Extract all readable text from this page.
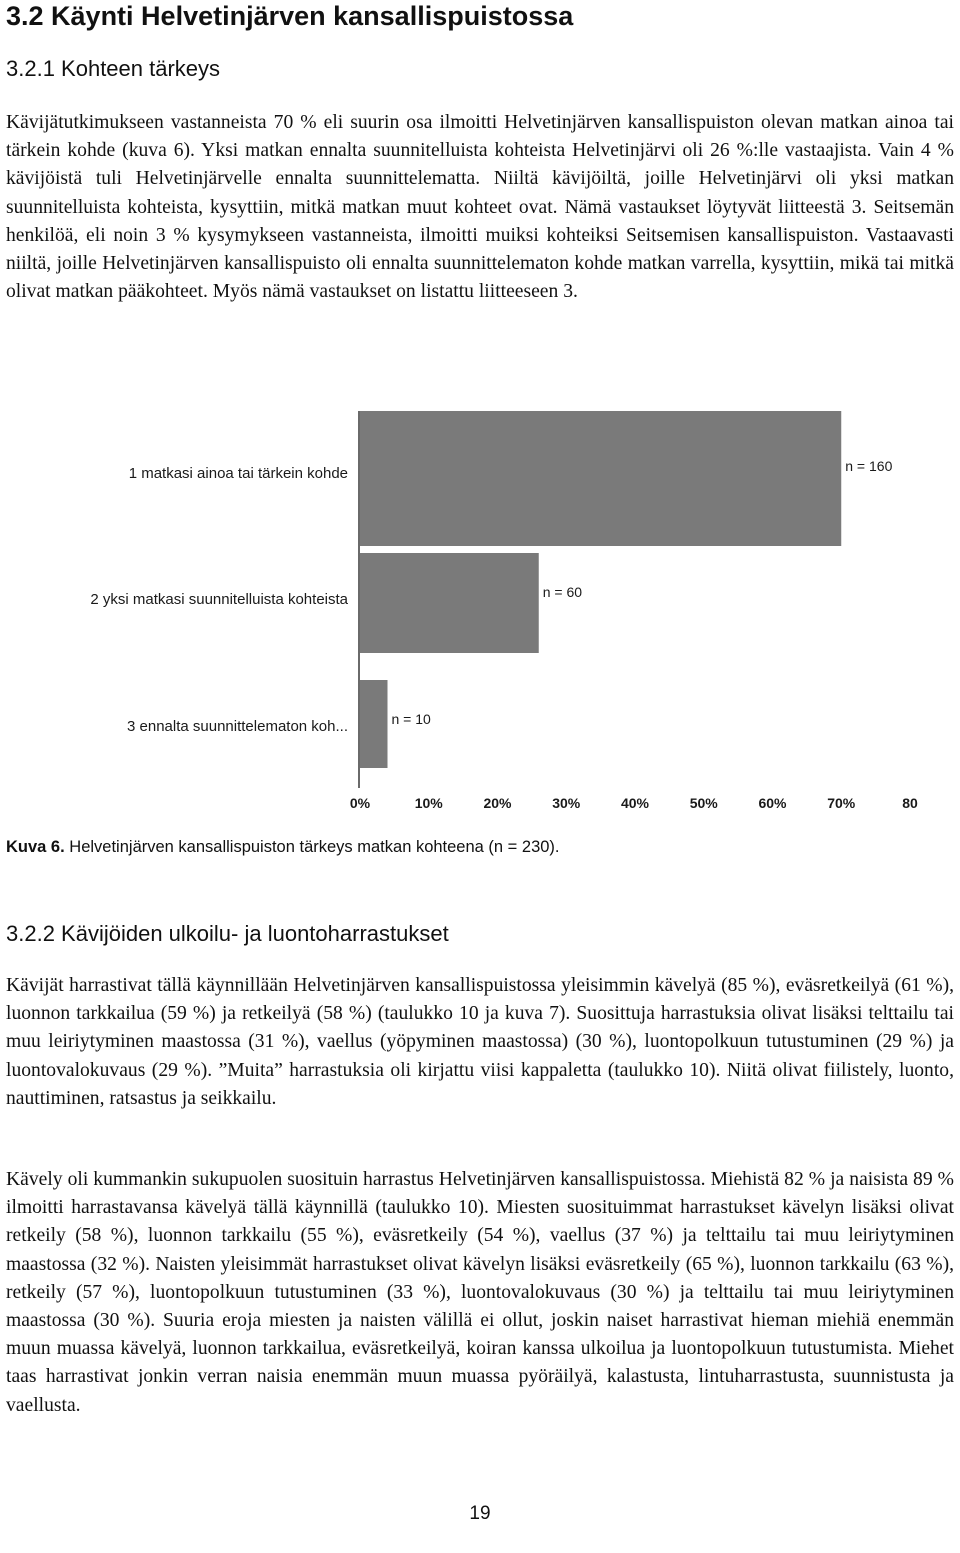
3.2 Käynti Helvetinjärven kansallispuistossa
3.2.1 Kohteen tärkeys

Kävijätutkimukseen vastanneista 70 % eli suurin osa ilmoitti Helvetinjärven kansallispuiston olevan matkan ainoa tai tärkein kohde (kuva 6). Yksi matkan ennalta suunnitelluista kohteista Helvetinjärvi oli 26 %:lle vastaajista. Vain 4 % kävijöistä tuli Helvetinjärvelle ennalta suunnittelematta. Niiltä kävijöiltä, joille Helvetinjärvi oli yksi matkan suunnitelluista kohteista, kysyttiin, mitkä matkan muut kohteet ovat. Nämä vastaukset löytyvät liitteestä 3. Seitsemän henkilöä, eli noin 3 % kysymykseen vastanneista, ilmoitti muiksi kohteiksi Seitsemisen kansallispuiston. Vastaavasti niiltä, joille Helvetinjärven kansallispuisto oli ennalta suunnittelematon kohde matkan varrella, kysyttiin, mikä tai mitkä olivat matkan pääkohteet. Myös nämä vastaukset on listattu liitteeseen 3.

1 matkasi ainoa tai tärkein kohde	n = 160
2 yksi matkasi suunnitelluista kohteista	n = 60
3 ennalta suunnittelematon koh...	n = 10
0%	10%	20%	30%	40%	50%	60%	70%	80
Kuva 6. Helvetinjärven kansallispuiston tärkeys matkan kohteena (n = 230).
3.2.2 Kävijöiden ulkoilu- ja luontoharrastukset

Kävijät harrastivat tällä käynnillään Helvetinjärven kansallispuistossa yleisimmin kävelyä (85 %), eväsretkeilyä (61 %), luonnon tarkkailua (59 %) ja retkeilyä (58 %) (taulukko 10 ja kuva 7). Suosittuja harrastuksia olivat lisäksi telttailu tai muu leiriytyminen maastossa (31 %), vaellus (yöpyminen maastossa) (30 %), luontopolkuun tutustuminen (29 %) ja luontovalokuvaus (29 %). ”Muita” harrastuksia oli kirjattu viisi kappaletta (taulukko 10). Niitä olivat fiilistely, luonto, nauttiminen, ratsastus ja seikkailu.

Kävely oli kummankin sukupuolen suosituin harrastus Helvetinjärven kansallispuistossa. Miehistä 82 % ja naisista 89 % ilmoitti harrastavansa kävelyä tällä käynnillä (taulukko 10). Miesten suosituimmat harrastukset kävelyn lisäksi olivat retkeily (58 %), luonnon tarkkailu (55 %), eväsretkeily (54 %), vaellus (37 %) ja telttailu tai muu leiriytyminen maastossa (32 %). Naisten yleisimmät harrastukset olivat kävelyn lisäksi eväsretkeily (65 %), luonnon tarkkailu (63 %), retkeily (57 %), luontopolkuun tutustuminen (33 %), luontovalokuvaus (30 %) ja telttailu tai muu leiriytyminen maastossa (30 %). Suuria eroja miesten ja naisten välillä ei ollut, joskin naiset harrastivat hieman miehiä enemmän muun muassa kävelyä, luonnon tarkkailua, eväsretkeilyä, koiran kanssa ulkoilua ja luontopolkuun tutustumista. Miehet taas harrastivat jonkin verran naisia enemmän muun muassa pyöräilyä, kalastusta, lintuharrastusta, suunnistusta ja vaellusta.

19
